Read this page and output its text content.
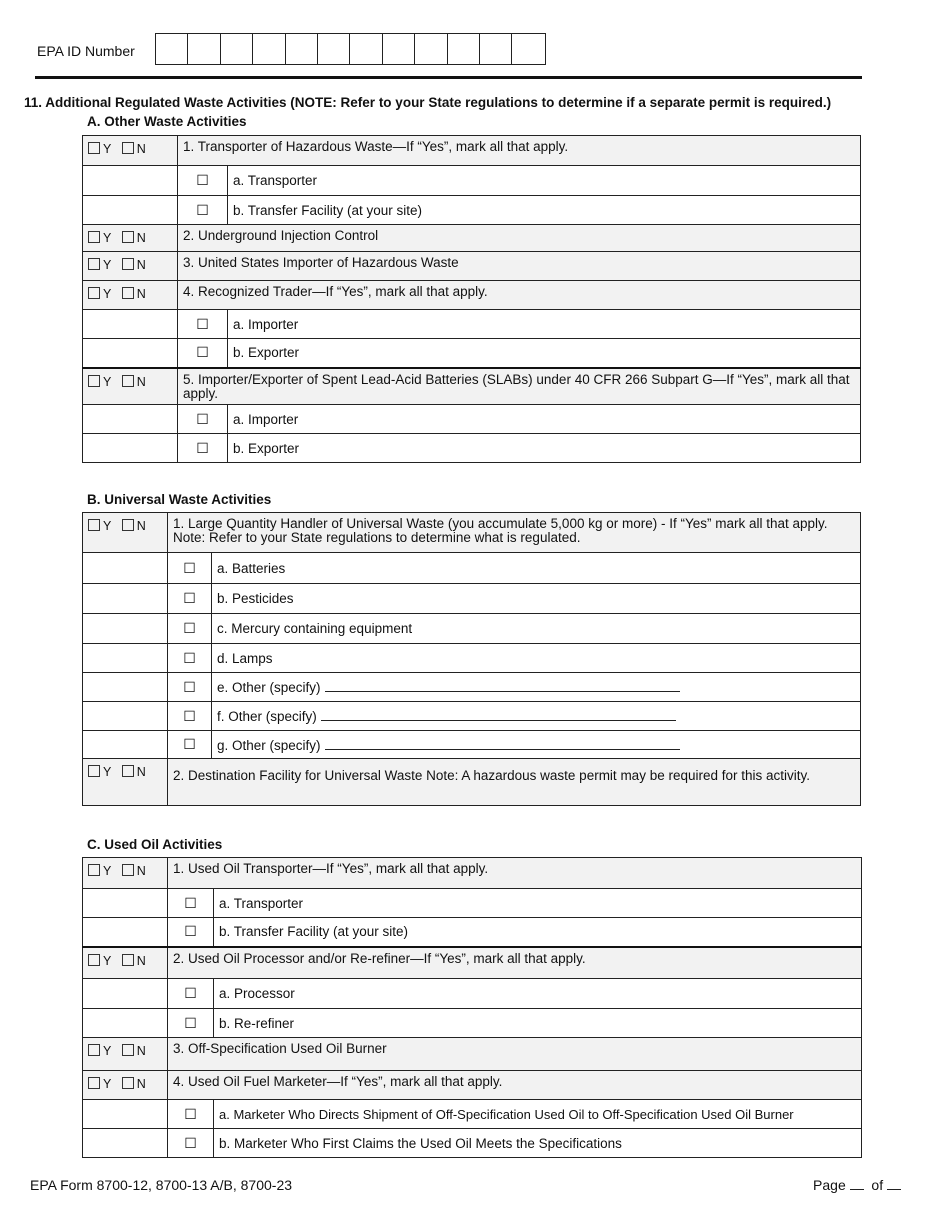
EPA ID Number
11. Additional Regulated Waste Activities (NOTE: Refer to your State regulations to determine if a separate permit is required.)
A. Other Waste Activities
Y N	1. Transporter of Hazardous Waste—If “Yes”, mark all that apply.	
	☐	a. Transporter
	☐	b. Transfer Facility (at your site)
Y N	2. Underground Injection Control	
Y N	3. United States Importer of Hazardous Waste	
Y N	4. Recognized Trader—If “Yes”, mark all that apply.	
	☐	a. Importer
	☐	b. Exporter
Y N	5. Importer/Exporter of Spent Lead-Acid Batteries (SLABs) under 40 CFR 266 Subpart G—If “Yes”, mark all that apply.	
	☐	a. Importer
	☐	b. Exporter
B. Universal Waste Activities
Y N	1. Large Quantity Handler of Universal Waste (you accumulate 5,000 kg or more) - If “Yes” mark all that apply. Note: Refer to your State regulations to determine what is regulated.	
	☐	a. Batteries
	☐	b. Pesticides
	☐	c. Mercury containing equipment
	☐	d. Lamps
	☐	e. Other (specify)
	☐	f. Other (specify)
	☐	g. Other (specify)
Y N	2. Destination Facility for Universal Waste Note: A hazardous waste permit may be required for this activity.	
C. Used Oil Activities
Y N	1. Used Oil Transporter—If “Yes”, mark all that apply.	
	☐	a. Transporter
	☐	b. Transfer Facility (at your site)
Y N	2. Used Oil Processor and/or Re-refiner—If “Yes”, mark all that apply.	
	☐	a. Processor
	☐	b. Re-refiner
Y N	3. Off-Specification Used Oil Burner	
Y N	4. Used Oil Fuel Marketer—If “Yes”, mark all that apply.	
	☐	a. Marketer Who Directs Shipment of Off-Specification Used Oil to Off-Specification Used Oil Burner
	☐	b. Marketer Who First Claims the Used Oil Meets the Specifications
EPA Form 8700-12, 8700-13 A/B, 8700-23	Page of
